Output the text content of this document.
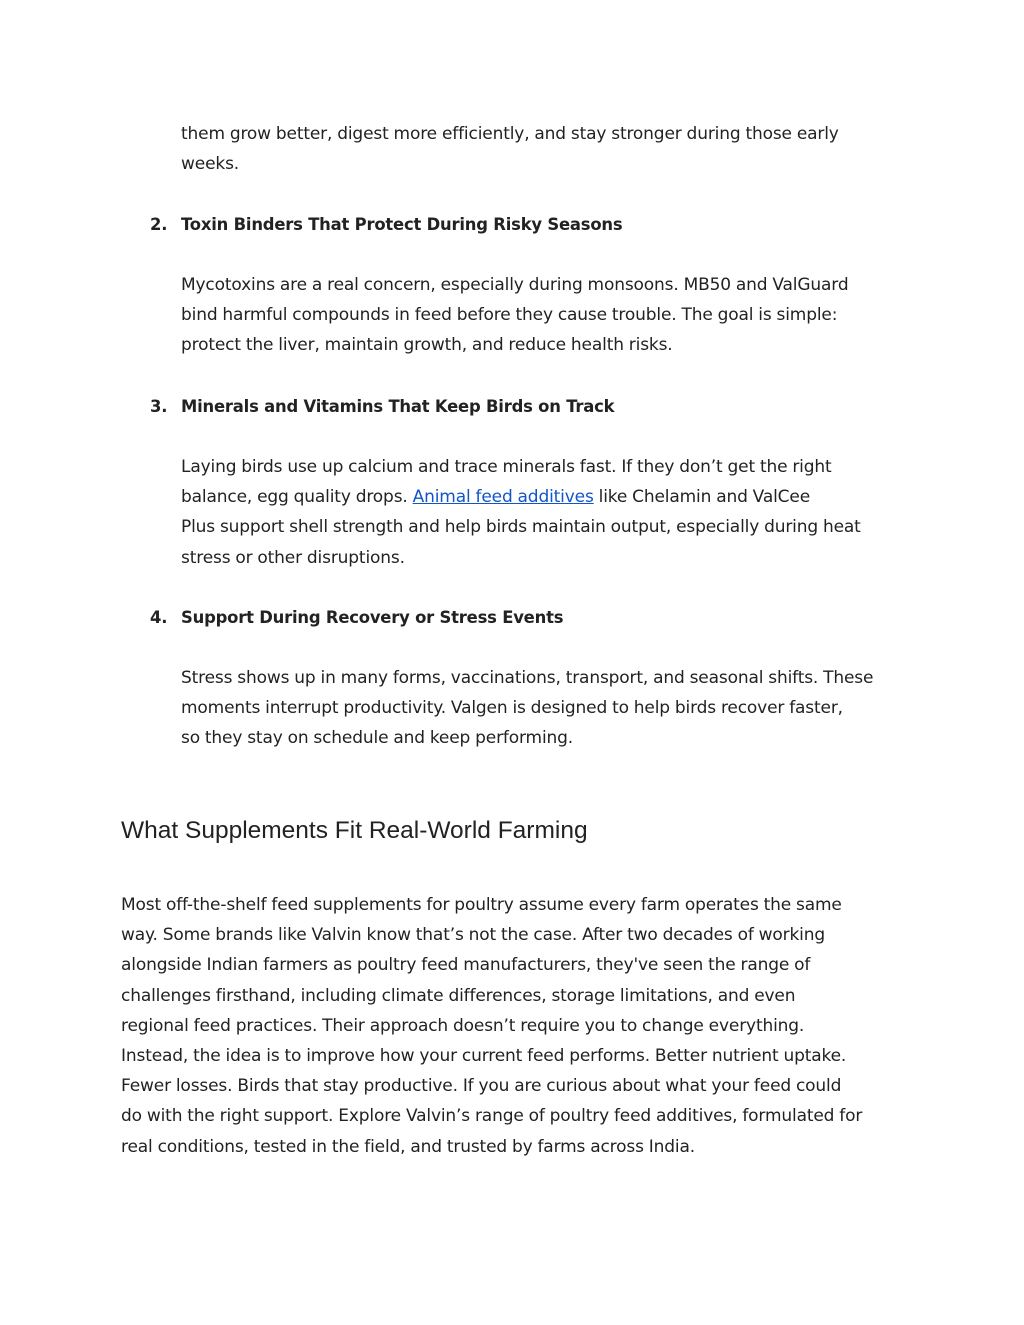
them grow better, digest more efficiently, and stay stronger during those early
weeks.

2. Toxin Binders That Protect During Risky Seasons

Mycotoxins are a real concern, especially during monsoons. MB50 and ValGuard
bind harmful compounds in feed before they cause trouble. The goal is simple:
protect the liver, maintain growth, and reduce health risks.

3. Minerals and Vitamins That Keep Birds on Track

Laying birds use up calcium and trace minerals fast. If they don’t get the right
balance, egg quality drops. Animal feed additives like Chelamin and ValCee
Plus support shell strength and help birds maintain output, especially during heat
stress or other disruptions.

4. Support During Recovery or Stress Events

Stress shows up in many forms, vaccinations, transport, and seasonal shifts. These
moments interrupt productivity. Valgen is designed to help birds recover faster,
so they stay on schedule and keep performing.

What Supplements Fit Real-World Farming

Most off-the-shelf feed supplements for poultry assume every farm operates the same
way. Some brands like Valvin know that’s not the case. After two decades of working
alongside Indian farmers as poultry feed manufacturers, they've seen the range of
challenges firsthand, including climate differences, storage limitations, and even
regional feed practices. Their approach doesn’t require you to change everything.
Instead, the idea is to improve how your current feed performs. Better nutrient uptake.
Fewer losses. Birds that stay productive. If you are curious about what your feed could
do with the right support. Explore Valvin’s range of poultry feed additives, formulated for
real conditions, tested in the field, and trusted by farms across India.
